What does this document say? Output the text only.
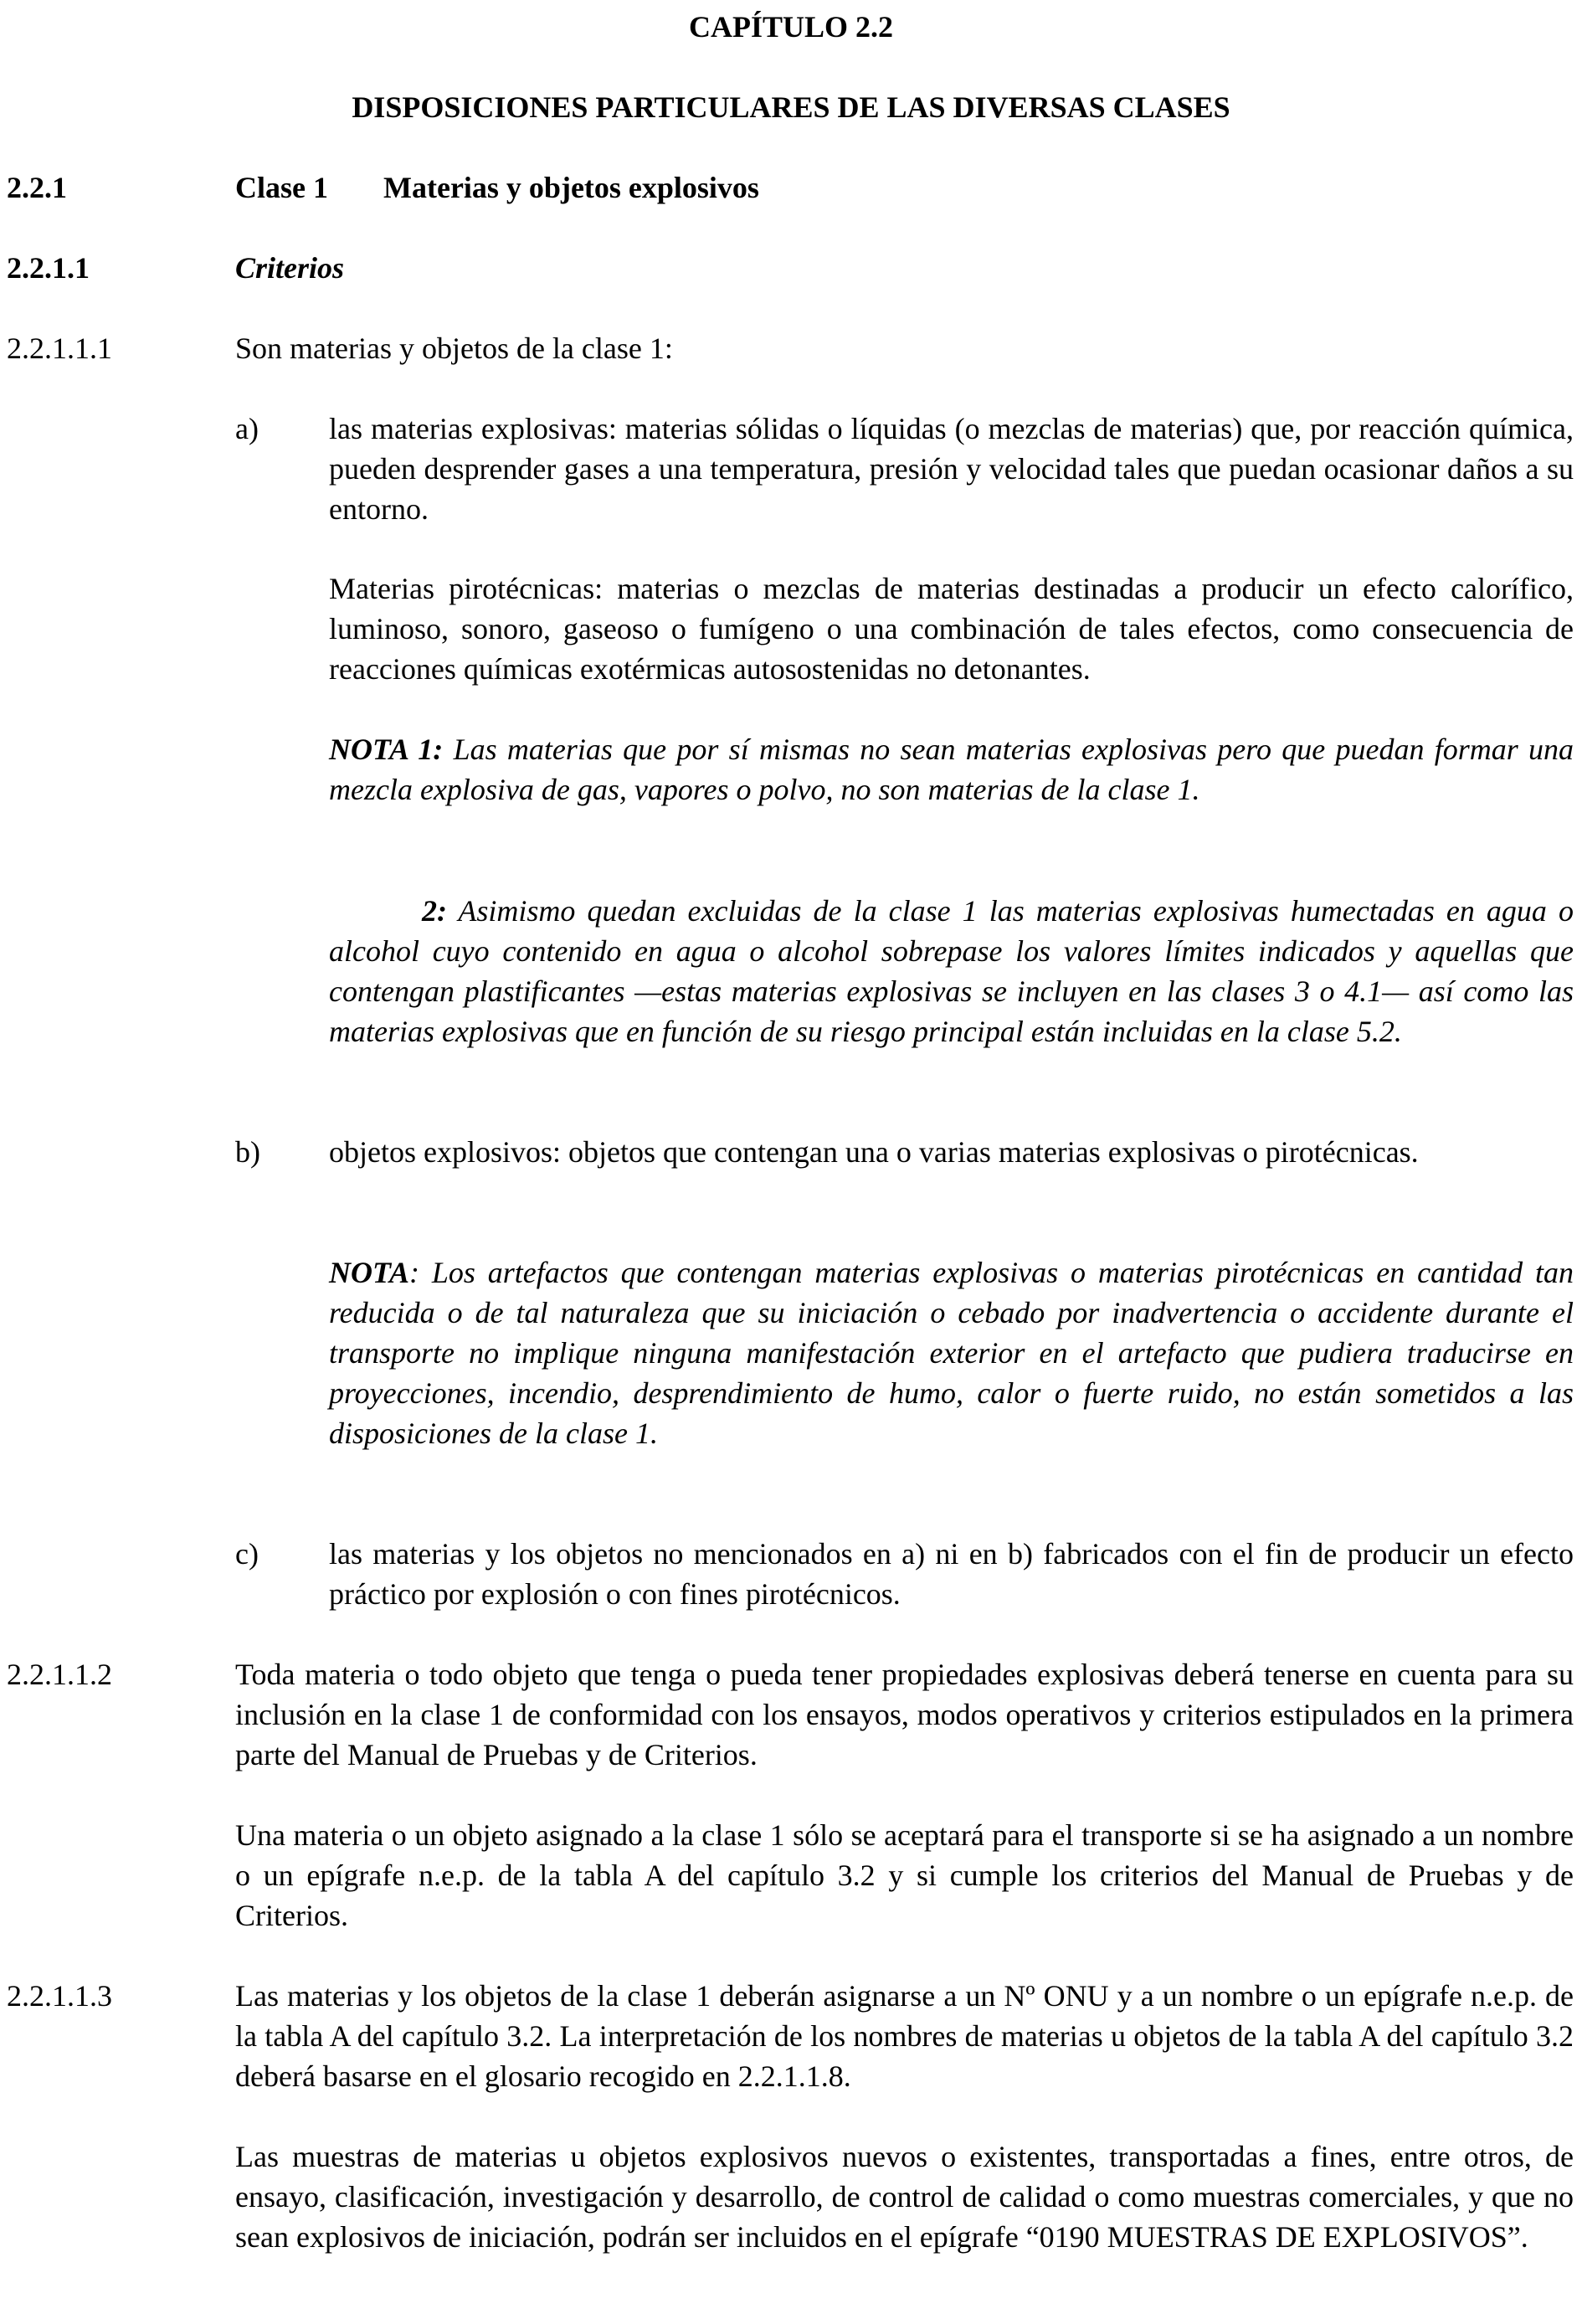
CAPÍTULO 2.2
DISPOSICIONES PARTICULARES DE LAS DIVERSAS CLASES
2.2.1	Clase 1 Materias y objetos explosivos
2.2.1.1	Criterios
2.2.1.1.1	Son materias y objetos de la clase 1:
a) las materias explosivas: materias sólidas o líquidas (o mezclas de materias) que, por reacción química, pueden desprender gases a una temperatura, presión y velocidad tales que puedan ocasionar daños a su entorno.
Materias pirotécnicas: materias o mezclas de materias destinadas a producir un efecto calorífico, luminoso, sonoro, gaseoso o fumígeno o una combinación de tales efectos, como consecuencia de reacciones químicas exotérmicas autosostenidas no detonantes.
NOTA 1: Las materias que por sí mismas no sean materias explosivas pero que puedan formar una mezcla explosiva de gas, vapores o polvo, no son materias de la clase 1.
2: Asimismo quedan excluidas de la clase 1 las materias explosivas humectadas en agua o alcohol cuyo contenido en agua o alcohol sobrepase los valores límites indicados y aquellas que contengan plastificantes —estas materias explosivas se incluyen en las clases 3 o 4.1— así como las materias explosivas que en función de su riesgo principal están incluidas en la clase 5.2.
b) objetos explosivos: objetos que contengan una o varias materias explosivas o pirotécnicas.
NOTA: Los artefactos que contengan materias explosivas o materias pirotécnicas en cantidad tan reducida o de tal naturaleza que su iniciación o cebado por inadvertencia o accidente durante el transporte no implique ninguna manifestación exterior en el artefacto que pudiera traducirse en proyecciones, incendio, desprendimiento de humo, calor o fuerte ruido, no están sometidos a las disposiciones de la clase 1.
c) las materias y los objetos no mencionados en a) ni en b) fabricados con el fin de producir un efecto práctico por explosión o con fines pirotécnicos.
2.2.1.1.2	Toda materia o todo objeto que tenga o pueda tener propiedades explosivas deberá tenerse en cuenta para su inclusión en la clase 1 de conformidad con los ensayos, modos operativos y criterios estipulados en la primera parte del Manual de Pruebas y de Criterios.
Una materia o un objeto asignado a la clase 1 sólo se aceptará para el transporte si se ha asignado a un nombre o un epígrafe n.e.p. de la tabla A del capítulo 3.2 y si cumple los criterios del Manual de Pruebas y de Criterios.
2.2.1.1.3	Las materias y los objetos de la clase 1 deberán asignarse a un Nº ONU y a un nombre o un epígrafe n.e.p. de la tabla A del capítulo 3.2. La interpretación de los nombres de materias u objetos de la tabla A del capítulo 3.2 deberá basarse en el glosario recogido en 2.2.1.1.8.
Las muestras de materias u objetos explosivos nuevos o existentes, transportadas a fines, entre otros, de ensayo, clasificación, investigación y desarrollo, de control de calidad o como muestras comerciales, y que no sean explosivos de iniciación, podrán ser incluidos en el epígrafe “0190 MUESTRAS DE EXPLOSIVOS”.
